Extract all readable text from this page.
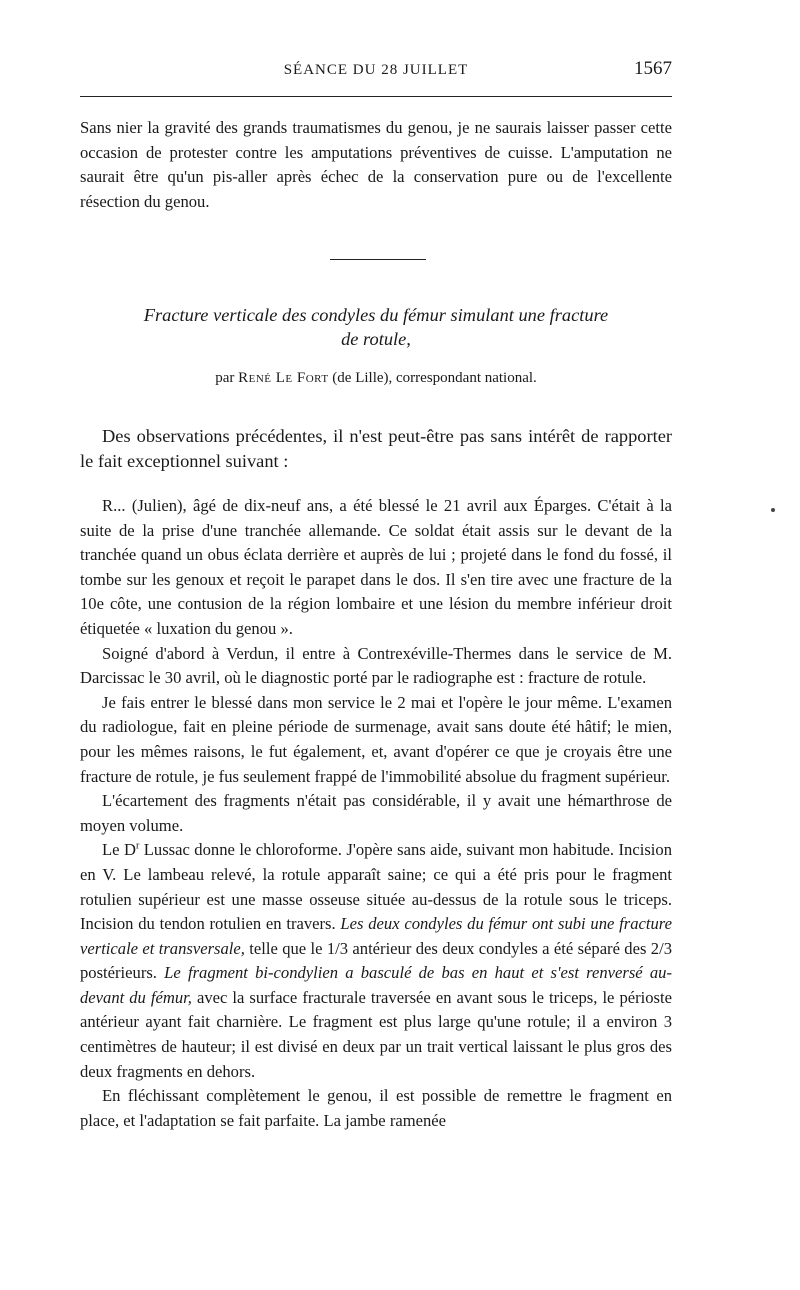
SÉANCE DU 28 JUILLET	1567

Sans nier la gravité des grands traumatismes du genou, je ne saurais laisser passer cette occasion de protester contre les amputations préventives de cuisse. L'amputation ne saurait être qu'un pis-aller après échec de la conservation pure ou de l'excellente résection du genou.

Fracture verticale des condyles du fémur simulant une fracture
de rotule,

par René Le Fort (de Lille), correspondant national.

Des observations précédentes, il n'est peut-être pas sans intérêt de rapporter le fait exceptionnel suivant :

R... (Julien), âgé de dix-neuf ans, a été blessé le 21 avril aux Éparges. C'était à la suite de la prise d'une tranchée allemande. Ce soldat était assis sur le devant de la tranchée quand un obus éclata derrière et auprès de lui ; projeté dans le fond du fossé, il tombe sur les genoux et reçoit le parapet dans le dos. Il s'en tire avec une fracture de la 10e côte, une contusion de la région lombaire et une lésion du membre inférieur droit étiquetée « luxation du genou ».

Soigné d'abord à Verdun, il entre à Contrexéville-Thermes dans le service de M. Darcissac le 30 avril, où le diagnostic porté par le radiographe est : fracture de rotule.

Je fais entrer le blessé dans mon service le 2 mai et l'opère le jour même. L'examen du radiologue, fait en pleine période de surmenage, avait sans doute été hâtif; le mien, pour les mêmes raisons, le fut également, et, avant d'opérer ce que je croyais être une fracture de rotule, je fus seulement frappé de l'immobilité absolue du fragment supérieur.

L'écartement des fragments n'était pas considérable, il y avait une hémarthrose de moyen volume.

Le $D^r$ Lussac donne le chloroforme. J'opère sans aide, suivant mon habitude. Incision en V. Le lambeau relevé, la rotule apparaît saine; ce qui a été pris pour le fragment rotulien supérieur est une masse osseuse située au-dessus de la rotule sous le triceps. Incision du tendon rotulien en travers. Les deux condyles du fémur ont subi une fracture verticale et transversale, telle que le 1/3 antérieur des deux condyles a été séparé des 2/3 postérieurs. Le fragment bi-condylien a basculé de bas en haut et s'est renversé au-devant du fémur, avec la surface fracturale traversée en avant sous le triceps, le périoste antérieur ayant fait charnière. Le fragment est plus large qu'une rotule; il a environ 3 centimètres de hauteur; il est divisé en deux par un trait vertical laissant le plus gros des deux fragments en dehors.

En fléchissant complètement le genou, il est possible de remettre le fragment en place, et l'adaptation se fait parfaite. La jambe ramenée
